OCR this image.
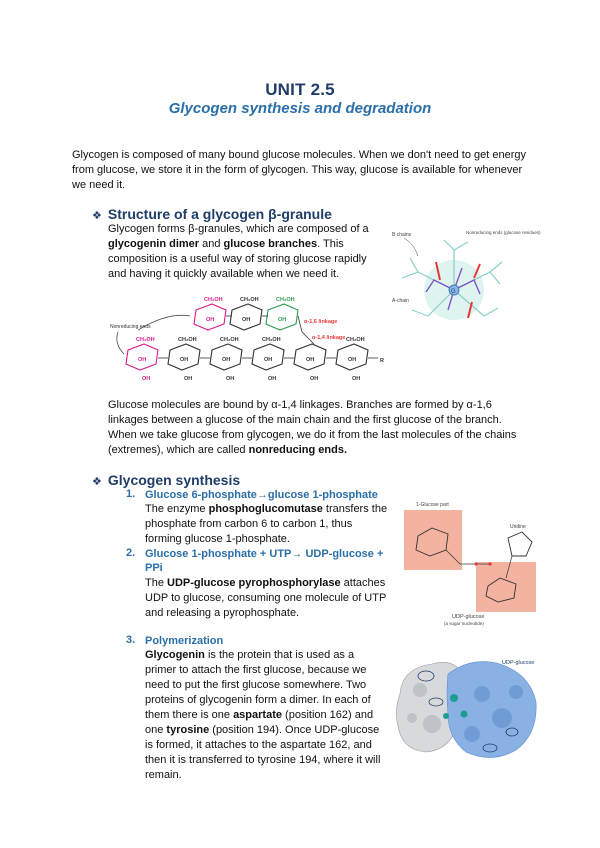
UNIT 2.5
Glycogen synthesis and degradation
Glycogen is composed of many bound glucose molecules. When we don't need to get energy from glucose, we store it in the form of glycogen. This way, glucose is available for whenever we need it.
❖ Structure of a glycogen β-granule
Glycogen forms β-granules, which are composed of a glycogenin dimer and glucose branches. This composition is a useful way of storing glucose rapidly and having it quickly available when we need it.
G
B chains	Nonreducing ends (glucose residues)
A-chain
CH₂OH	CH₂OH	CH₂OH
CH₂OH	CH₂OH	CH₂OH	CH₂OH	CH₂OH
OH	OH	OH
OH	OH	OH	OH	OH	OH
OH	OH	OH	OH	OH	OH
R
α-1,6 linkage
α-1,4 linkage
Nonreducing ends
Glucose molecules are bound by α-1,4 linkages. Branches are formed by α-1,6 linkages between a glucose of the main chain and the first glucose of the branch. When we take glucose from glycogen, we do it from the last molecules of the chains (extremes), which are called nonreducing ends.
❖ Glycogen synthesis
1. Glucose 6-phosphate→glucose 1-phosphate
The enzyme phosphoglucomutase transfers the phosphate from carbon 6 to carbon 1, thus forming glucose 1-phosphate.
2. Glucose 1-phosphate + UTP→ UDP-glucose + PPi
The UDP-glucose pyrophosphorylase attaches UDP to glucose, consuming one molecule of UTP and releasing a pyrophosphate.
1-Glucose part
Uridine
UDP-glucose
(a sugar nucleotide)
3. Polymerization
Glycogenin is the protein that is used as a primer to attach the first glucose, because we need to put the first glucose somewhere. Two proteins of glycogenin form a dimer. In each of them there is one aspartate (position 162) and one tyrosine (position 194). Once UDP-glucose is formed, it attaches to the aspartate 162, and then it is transferred to tyrosine 194, where it will remain.
UDP-glucose
